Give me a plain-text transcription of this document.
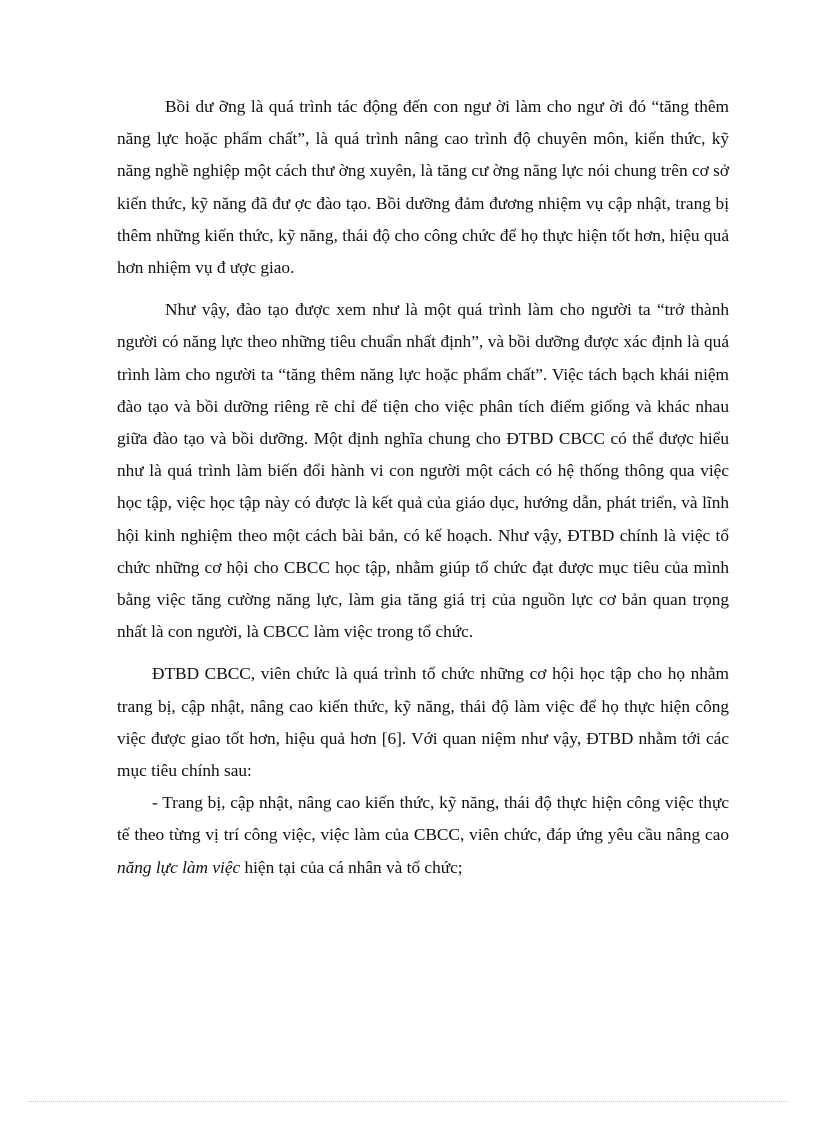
Bồi dư ỡng là quá trình tác động đến con ngư ời làm cho ngư ời đó “tăng thêm năng lực hoặc phẩm chất”, là quá trình nâng cao trình độ chuyên môn, kiến thức, kỹ năng nghề nghiệp một cách thư ờng xuyên, là tăng cư ờng năng lực nói chung trên cơ sở kiến thức, kỹ năng đã đư ợc đào tạo. Bồi dưỡng đảm đương nhiệm vụ cập nhật, trang bị thêm những kiến thức, kỹ năng, thái độ cho công chức để họ thực hiện tốt hơn, hiệu quả hơn nhiệm vụ đ ược giao.

Như vậy, đào tạo được xem như là một quá trình làm cho người ta “trở thành người có năng lực theo những tiêu chuẩn nhất định”, và bồi dưỡng được xác định là quá trình làm cho người ta “tăng thêm năng lực hoặc phẩm chất”. Việc tách bạch khái niệm đào tạo và bồi dưỡng riêng rẽ chỉ để tiện cho việc phân tích điểm giống và khác nhau giữa đào tạo và bồi dưỡng. Một định nghĩa chung cho ĐTBD CBCC có thể được hiểu như là quá trình làm biến đổi hành vi con người một cách có hệ thống thông qua việc học tập, việc học tập này có được là kết quả của giáo dục, hướng dẫn, phát triển, và lĩnh hội kinh nghiệm theo một cách bài bản, có kế hoạch. Như vậy, ĐTBD chính là việc tổ chức những cơ hội cho CBCC học tập, nhằm giúp tổ chức đạt được mục tiêu của mình bằng việc tăng cường năng lực, làm gia tăng giá trị của nguồn lực cơ bản quan trọng nhất là con người, là CBCC làm việc trong tổ chức.

ĐTBD CBCC, viên chức là quá trình tổ chức những cơ hội học tập cho họ nhằm trang bị, cập nhật, nâng cao kiến thức, kỹ năng, thái độ làm việc để họ thực hiện công việc được giao tốt hơn, hiệu quả hơn [6]. Với quan niệm như vậy, ĐTBD nhằm tới các mục tiêu chính sau:

- Trang bị, cập nhật, nâng cao kiến thức, kỹ năng, thái độ thực hiện công việc thực tế theo từng vị trí công việc, việc làm của CBCC, viên chức, đáp ứng yêu cầu nâng cao năng lực làm việc hiện tại của cá nhân và tổ chức;
